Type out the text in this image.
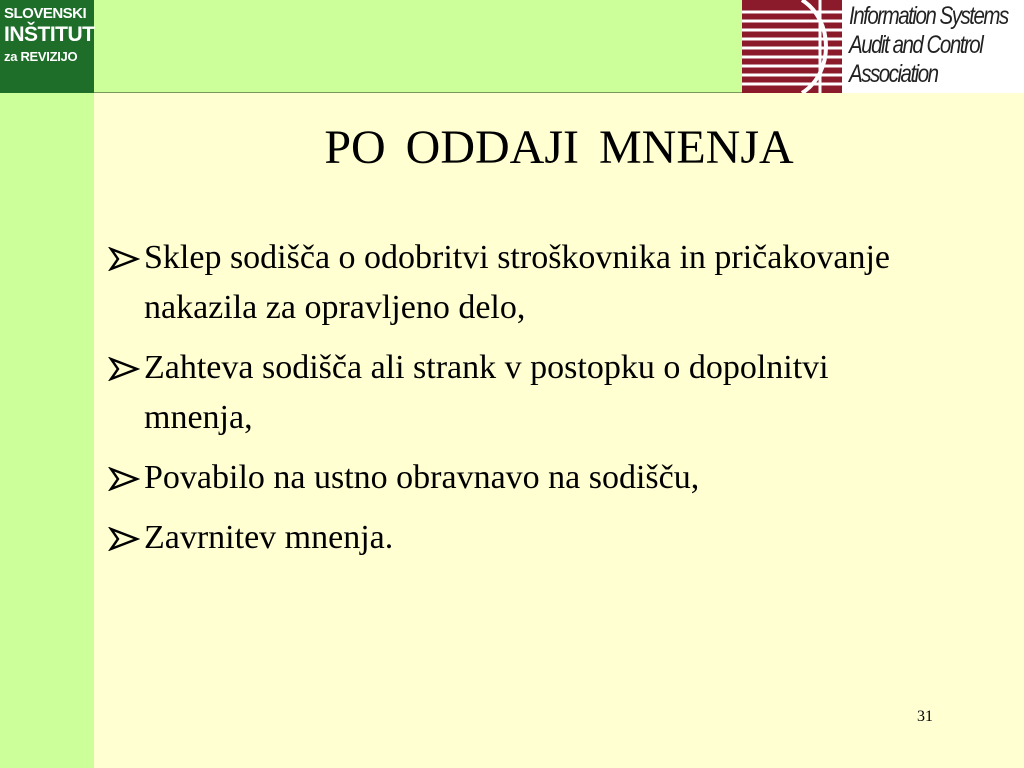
SLOVENSKI
INŠTITUT
za REVIZIJO
Information Systems
Audit and Control
Association
PO ODDAJI MNENJA
Sklep sodišča o odobritvi stroškovnika in pričakovanje nakazila za opravljeno delo,
Zahteva sodišča ali strank v postopku o dopolnitvi mnenja,
Povabilo na ustno obravnavo na sodišču,
Zavrnitev mnenja.
31
